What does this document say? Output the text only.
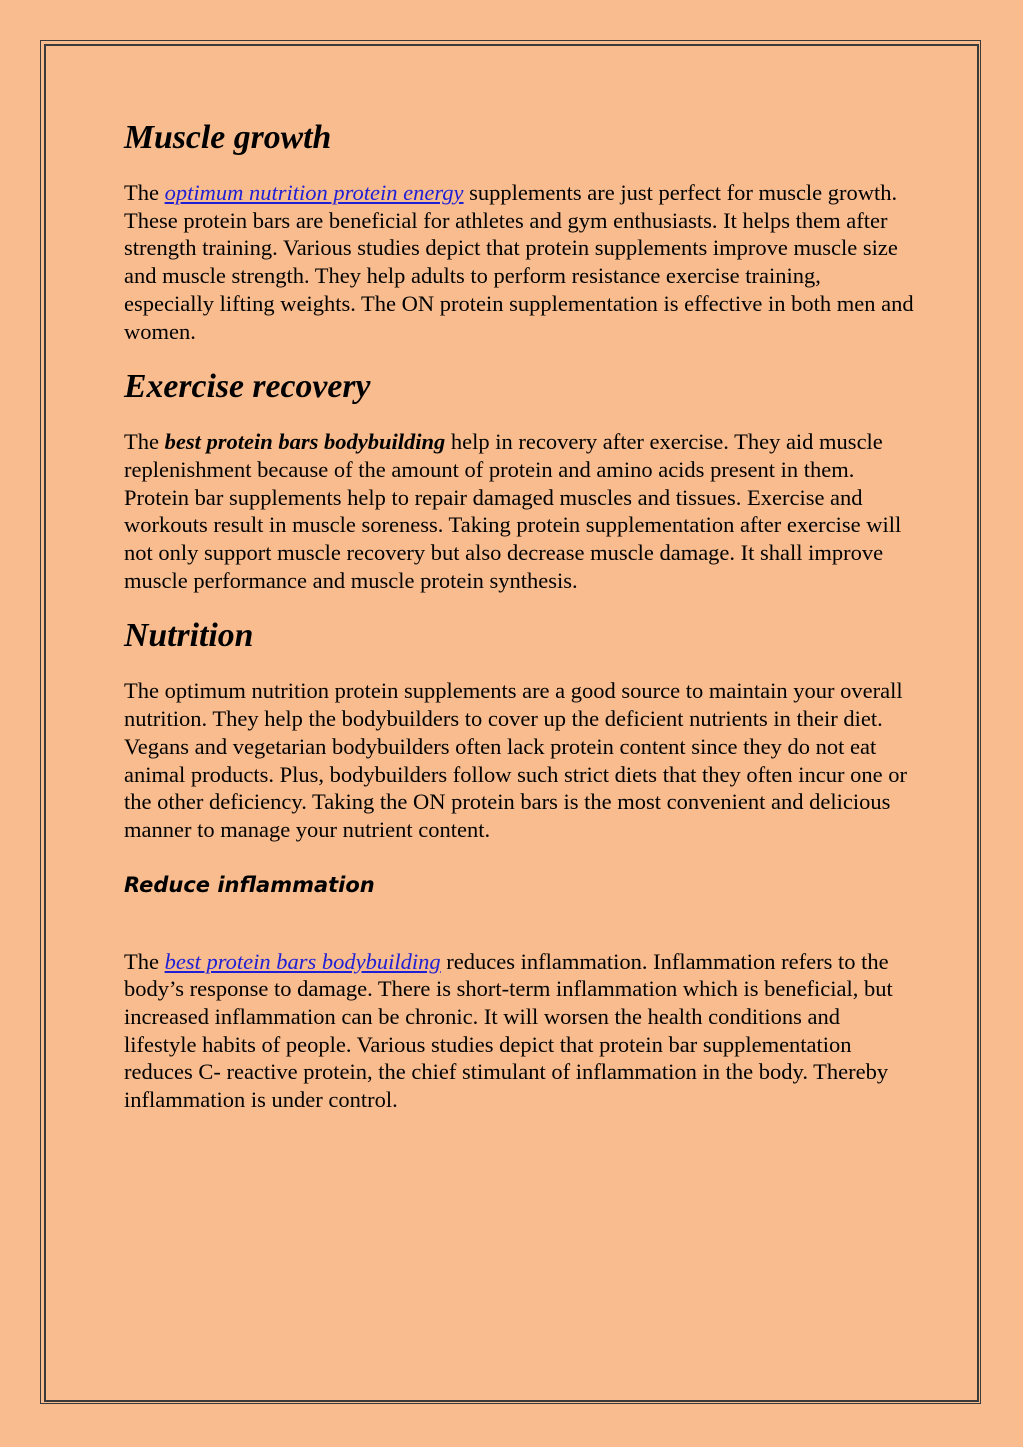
Muscle growth

The optimum nutrition protein energy supplements are just perfect for muscle growth. These protein bars are beneficial for athletes and gym enthusiasts. It helps them after strength training. Various studies depict that protein supplements improve muscle size and muscle strength. They help adults to perform resistance exercise training, especially lifting weights. The ON protein supplementation is effective in both men and women.

Exercise recovery

The best protein bars bodybuilding help in recovery after exercise. They aid muscle replenishment because of the amount of protein and amino acids present in them. Protein bar supplements help to repair damaged muscles and tissues. Exercise and workouts result in muscle soreness. Taking protein supplementation after exercise will not only support muscle recovery but also decrease muscle damage. It shall improve muscle performance and muscle protein synthesis.

Nutrition

The optimum nutrition protein supplements are a good source to maintain your overall nutrition. They help the bodybuilders to cover up the deficient nutrients in their diet. Vegans and vegetarian bodybuilders often lack protein content since they do not eat animal products. Plus, bodybuilders follow such strict diets that they often incur one or the other deficiency. Taking the ON protein bars is the most convenient and delicious manner to manage your nutrient content.

Reduce inflammation

The best protein bars bodybuilding reduces inflammation. Inflammation refers to the body’s response to damage. There is short-term inflammation which is beneficial, but increased inflammation can be chronic. It will worsen the health conditions and lifestyle habits of people. Various studies depict that protein bar supplementation reduces C- reactive protein, the chief stimulant of inflammation in the body. Thereby inflammation is under control.
